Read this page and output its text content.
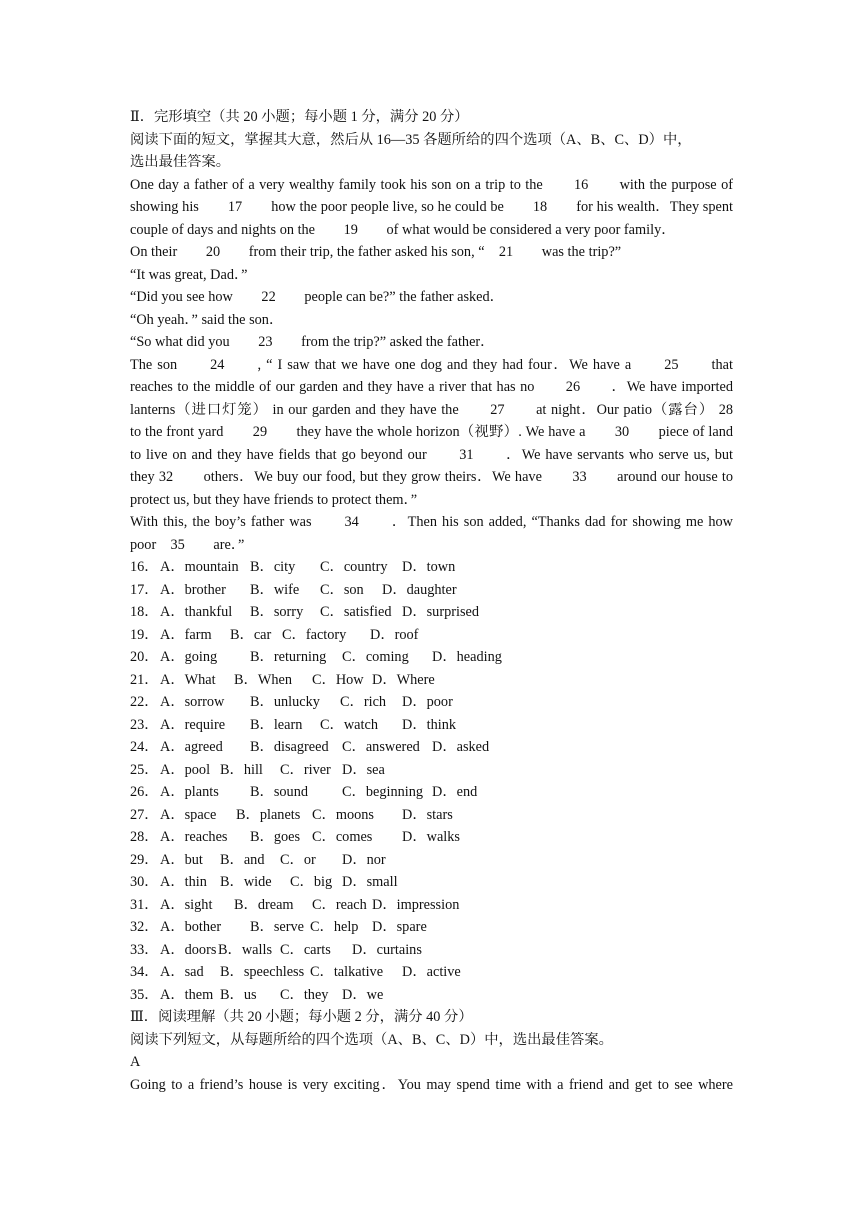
Ⅱ．完形填空（共 20 小题；每小题 1 分，满分 20 分）
阅读下面的短文，掌握其大意，然后从 16—35 各题所给的四个选项（A、B、C、D）中，
选出最佳答案。
One day a father of a very wealthy family took his son on a trip to the　　16　　with the purpose of
showing his　　17　　how the poor people live, so he could be　　18　　for his wealth．They spent
couple of days and nights on the　　19　　of what would be considered a very poor family．
On their　　20　　from their trip, the father asked his son, “　21　　was the trip?”
“It was great, Dad．”
“Did you see how　　22　　people can be?” the father asked．
“Oh yeah．” said the son．
“So what did you　　23　　from the trip?” asked the father．
The son　　24　　, “ I saw that we have one dog and they had four．We have a　　25　　that
reaches to the middle of our garden and they have a river that has no　　26　　．We have imported
lanterns（进口灯笼） in our garden and they have the　　27　　at night．Our patio（露台） 28
to the front yard　　29　　they have the whole horizon（视野）. We have a　　30　　piece of land
to live on and they have fields that go beyond our　　31　　．We have servants who serve us, but
they 32　　others．We buy our food, but they grow theirs．We have　　33　　around our house to
protect us, but they have friends to protect them．”
With this, the boy’s father was　　34　　．Then his son added, “Thanks dad for showing me how
poor　35　　are．”
16． A．mountain B．city C．country D．town
17． A．brother B．wife C．son D．daughter
18． A．thankful B．sorry C．satisfied D．surprised
19． A．farm B．car C．factory D．roof
20． A．going B．returning C．coming D．heading
21． A．What B．When C．How D．Where
22． A．sorrow B．unlucky C．rich D．poor
23． A．require B．learn C．watch D．think
24． A．agreed B．disagreed C．answered D．asked
25． A．pool B．hill C．river D．sea
26． A．plants B．sound C．beginning D．end
27． A．space B．planets C．moons D．stars
28． A．reaches B．goes C．comes D．walks
29． A．but B．and C．or D．nor
30． A．thin B．wide C．big D．small
31． A．sight B．dream C．reach D．impression
32． A．bother B．serve C．help D．spare
33． A．doors B．walls C．carts D．curtains
34． A．sad B．speechless C．talkative D．active
35． A．them B．us C．they D．we
Ⅲ．阅读理解（共 20 小题；每小题 2 分，满分 40 分）
阅读下列短文，从每题所给的四个选项（A、B、C、D）中，选出最佳答案。
A
Going to a friend’s house is very exciting．You may spend time with a friend and get to see where
